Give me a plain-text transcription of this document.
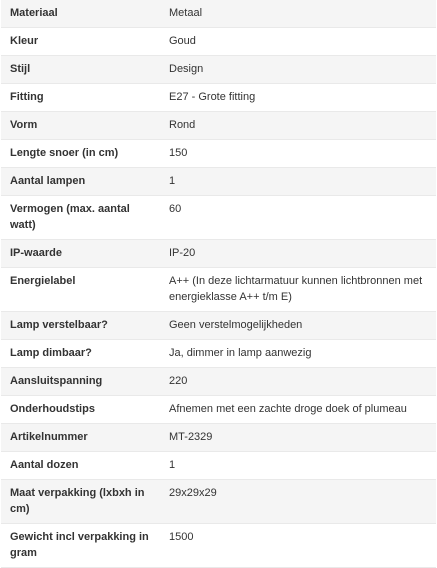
Materiaal	Metaal
Kleur	Goud
Stijl	Design
Fitting	E27 - Grote fitting
Vorm	Rond
Lengte snoer (in cm)	150
Aantal lampen	1
Vermogen (max. aantal watt)	60
IP-waarde	IP-20
Energielabel	A++ (In deze lichtarmatuur kunnen lichtbronnen met energieklasse A++ t/m E)
Lamp verstelbaar?	Geen verstelmogelijkheden
Lamp dimbaar?	Ja, dimmer in lamp aanwezig
Aansluitspanning	220
Onderhoudstips	Afnemen met een zachte droge doek of plumeau
Artikelnummer	MT-2329
Aantal dozen	1
Maat verpakking (lxbxh in cm)	29x29x29
Gewicht incl verpakking in gram	1500
